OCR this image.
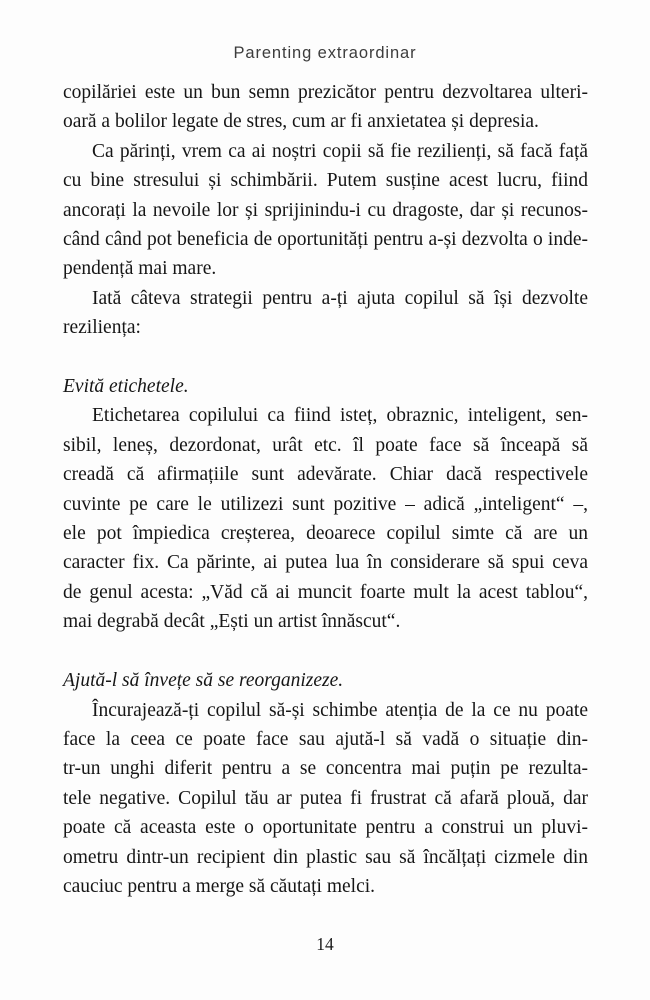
Parenting extraordinar
copilăriei este un bun semn prezicător pentru dezvoltarea ulteri-
oară a bolilor legate de stres, cum ar fi anxietatea și depresia.
Ca părinți, vrem ca ai noștri copii să fie rezilienți, să facă față
cu bine stresului și schimbării. Putem susține acest lucru, fiind
ancorați la nevoile lor și sprijinindu-i cu dragoste, dar și recunos-
când când pot beneficia de oportunități pentru a-și dezvolta o inde-
pendență mai mare.
Iată câteva strategii pentru a-ți ajuta copilul să își dezvolte
reziliența:
Evită etichetele.
Etichetarea copilului ca fiind isteț, obraznic, inteligent, sen-
sibil, leneș, dezordonat, urât etc. îl poate face să înceapă să
creadă că afirmațiile sunt adevărate. Chiar dacă respectivele
cuvinte pe care le utilizezi sunt pozitive – adică „inteligent“ –,
ele pot împiedica creșterea, deoarece copilul simte că are un
caracter fix. Ca părinte, ai putea lua în considerare să spui ceva
de genul acesta: „Văd că ai muncit foarte mult la acest tablou“,
mai degrabă decât „Ești un artist înnăscut“.
Ajută-l să învețe să se reorganizeze.
Încurajează-ți copilul să-și schimbe atenția de la ce nu poate
face la ceea ce poate face sau ajută-l să vadă o situație din-
tr-un unghi diferit pentru a se concentra mai puțin pe rezulta-
tele negative. Copilul tău ar putea fi frustrat că afară plouă, dar
poate că aceasta este o oportunitate pentru a construi un pluvi-
ometru dintr-un recipient din plastic sau să încălțați cizmele din
cauciuc pentru a merge să căutați melci.
14
